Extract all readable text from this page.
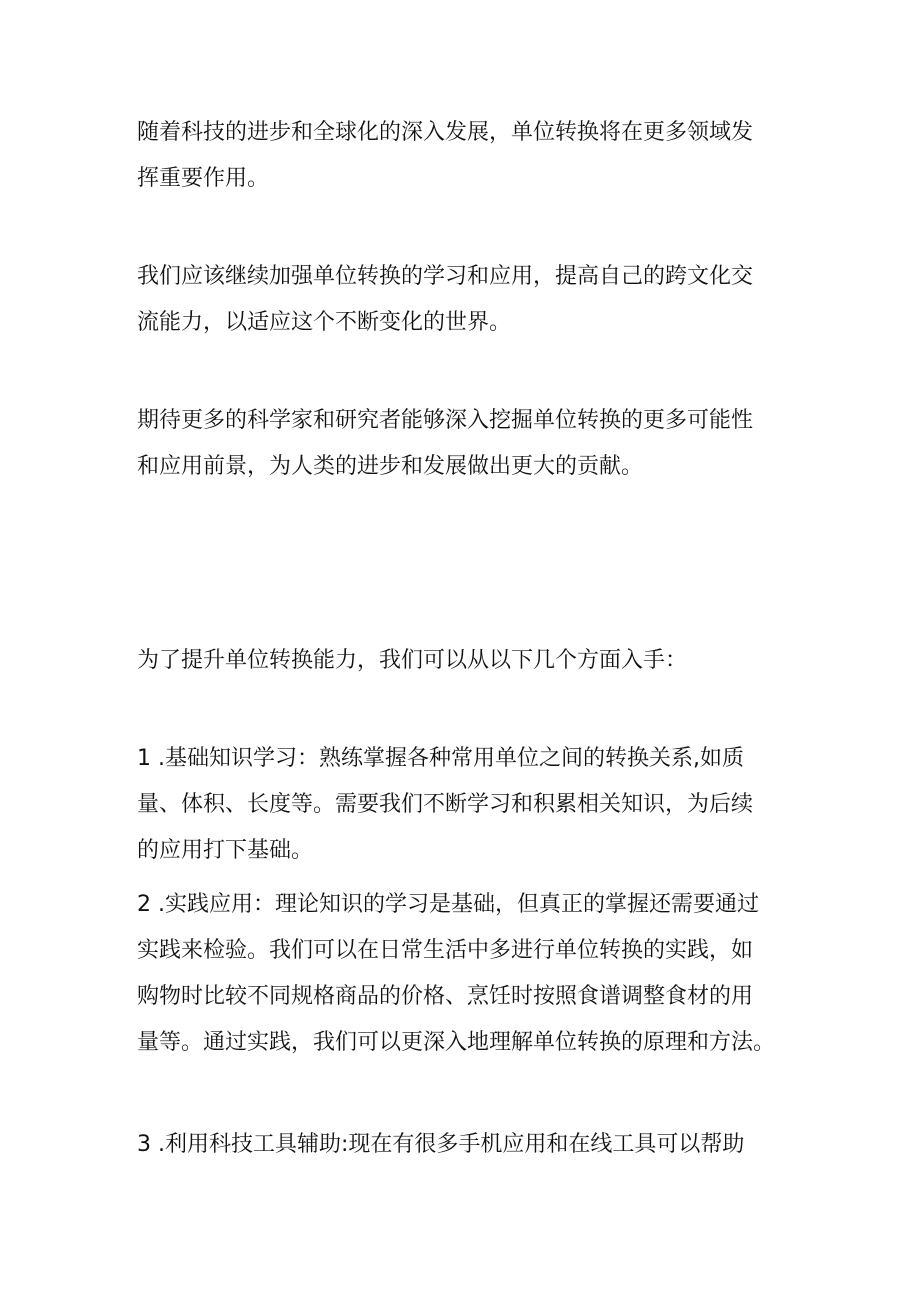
随着科技的进步和全球化的深入发展，单位转换将在更多领域发
挥重要作用。

我们应该继续加强单位转换的学习和应用，提高自己的跨文化交
流能力，以适应这个不断变化的世界。

期待更多的科学家和研究者能够深入挖掘单位转换的更多可能性
和应用前景，为人类的进步和发展做出更大的贡献。

为了提升单位转换能力，我们可以从以下几个方面入手：

1 .基础知识学习：熟练掌握各种常用单位之间的转换关系,如质
量、体积、长度等。需要我们不断学习和积累相关知识，为后续
的应用打下基础。

2 .实践应用：理论知识的学习是基础，但真正的掌握还需要通过
实践来检验。我们可以在日常生活中多进行单位转换的实践，如
购物时比较不同规格商品的价格、烹饪时按照食谱调整食材的用
量等。通过实践，我们可以更深入地理解单位转换的原理和方法。

3 .利用科技工具辅助:现在有很多手机应用和在线工具可以帮助
